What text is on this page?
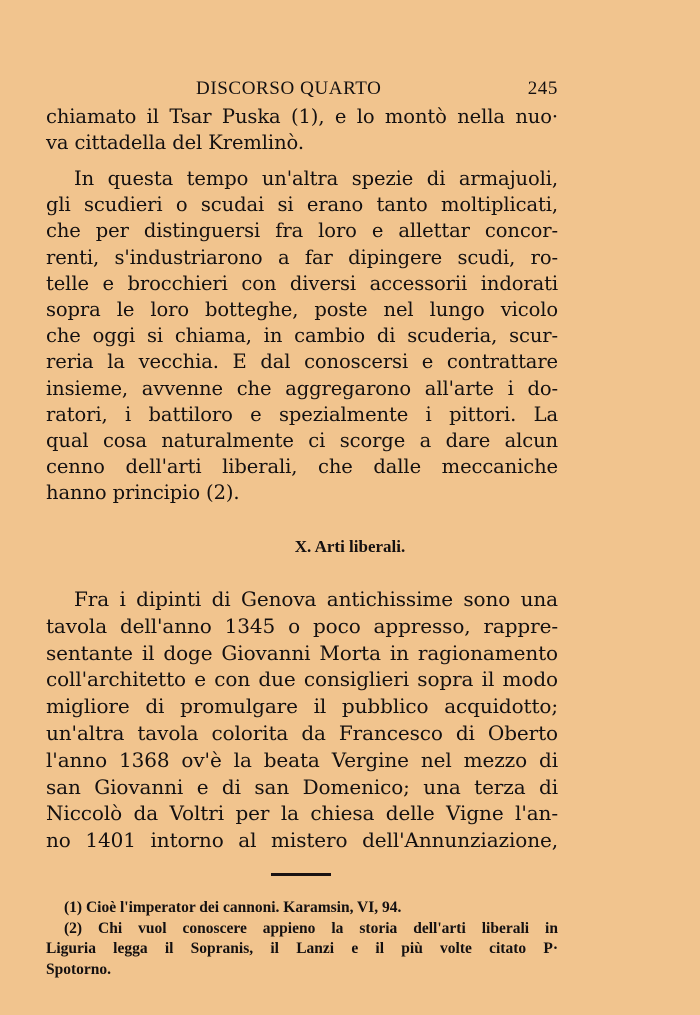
DISCORSO QUARTO	245
chiamato il Tsar Puska (1), e lo montò nella nuo·
va cittadella del Kremlinò.
In questa tempo un'altra spezie di armajuoli,
gli scudieri o scudai si erano tanto moltiplicati,
che per distinguersi fra loro e allettar concor-
renti, s'industriarono a far dipingere scudi, ro-
telle e brocchieri con diversi accessorii indorati
sopra le loro botteghe, poste nel lungo vicolo
che oggi si chiama, in cambio di scuderia, scur-
reria la vecchia. E dal conoscersi e contrattare
insieme, avvenne che aggregarono all'arte i do-
ratori, i battiloro e spezialmente i pittori. La
qual cosa naturalmente ci scorge a dare alcun
cenno dell'arti liberali, che dalle meccaniche
hanno principio (2).
X. Arti liberali.
Fra i dipinti di Genova antichissime sono una
tavola dell'anno 1345 o poco appresso, rappre-
sentante il doge Giovanni Morta in ragionamento
coll'architetto e con due consiglieri sopra il modo
migliore di promulgare il pubblico acquidotto;
un'altra tavola colorita da Francesco di Oberto
l'anno 1368 ov'è la beata Vergine nel mezzo di
san Giovanni e di san Domenico; una terza di
Niccolò da Voltri per la chiesa delle Vigne l'an-
no 1401 intorno al mistero dell'Annunziazione,
(1) Cioè l'imperator dei cannoni. Karamsin, VI, 94.
(2) Chi vuol conoscere appieno la storia dell'arti liberali in
Liguria legga il Sopranis, il Lanzi e il più volte citato P·
Spotorno.
